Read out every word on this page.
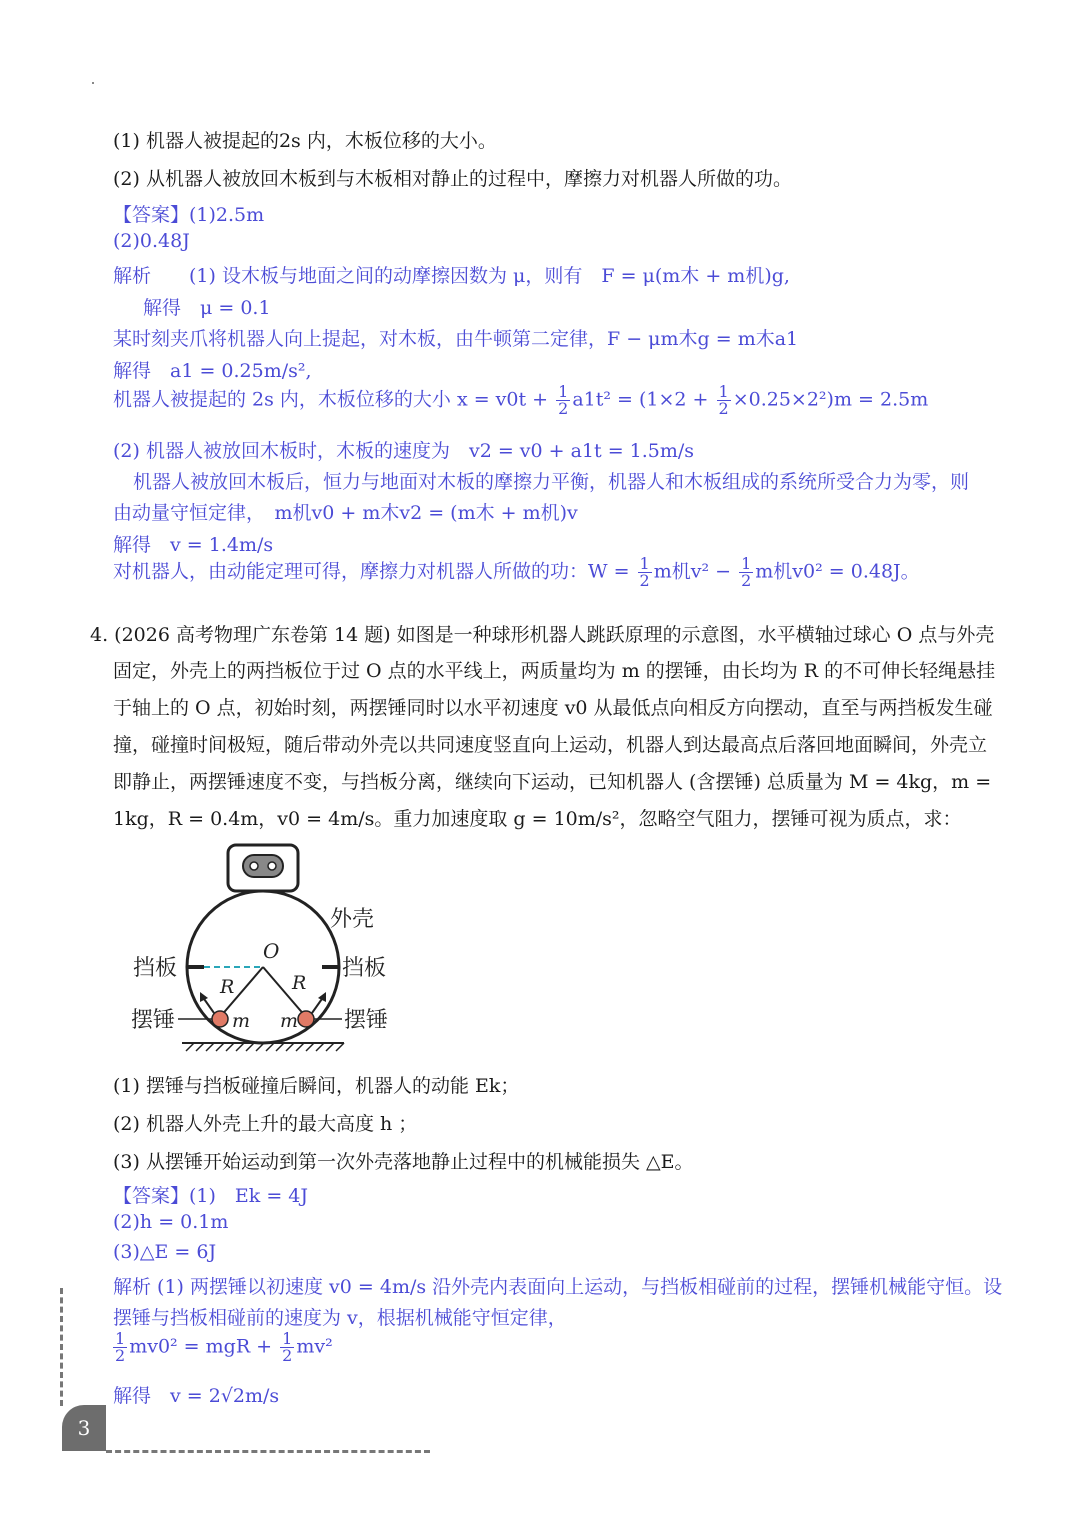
(1) 机器人被提起的2s 内，木板位移的大小。
(2) 从机器人被放回木板到与木板相对静止的过程中，摩擦力对机器人所做的功。
【答案】(1)2.5m
(2)0.48J
解析　　(1) 设木板与地面之间的动摩擦因数为 μ，则有　F = μ(m木 + m机)g,
解得　μ = 0.1
某时刻夹爪将机器人向上提起，对木板，由牛顿第二定律，F − μm木g = m木a1
解得　a1 = 0.25m/s²,
机器人被提起的 2s 内，木板位移的大小 $x = v0t + \frac{1}{2} a1t^2 = (1\times 2 + \frac{1}{2} \times 0.25\times 2^2)m = 2.5m$
(2) 机器人被放回木板时，木板的速度为　v2 = v0 + a1t = 1.5m/s
机器人被放回木板后，恒力与地面对木板的摩擦力平衡，机器人和木板组成的系统所受合力为零，则
由动量守恒定律，　m机v0 + m木v2 = (m木 + m机)v
解得　v = 1.4m/s
对机器人，由动能定理可得，摩擦力对机器人所做的功：$W = \frac{1}{2}$ m机$v^2 - \frac{1}{2}$ m机v0² = 0.48J。
4. (2026 高考物理广东卷第 14 题) 如图是一种球形机器人跳跃原理的示意图，水平横轴过球心 O 点与外壳
固定，外壳上的两挡板位于过 O 点的水平线上，两质量均为 m 的摆锤，由长均为 R 的不可伸长轻绳悬挂
于轴上的 O 点，初始时刻，两摆锤同时以水平初速度 v0 从最低点向相反方向摆动，直至与两挡板发生碰
撞，碰撞时间极短，随后带动外壳以共同速度竖直向上运动，机器人到达最高点后落回地面瞬间，外壳立
即静止，两摆锤速度不变，与挡板分离，继续向下运动，已知机器人 (含摆锤) 总质量为 M = 4kg，m =
1kg，R = 0.4m，v0 = 4m/s。重力加速度取 g = 10m/s²，忽略空气阻力，摆锤可视为质点，求：
外壳
挡板	挡板
摆锤	摆锤
O
R	R
m m
(1) 摆锤与挡板碰撞后瞬间，机器人的动能 Ek；
(2) 机器人外壳上升的最大高度 h ；
(3) 从摆锤开始运动到第一次外壳落地静止过程中的机械能损失 △E。
【答案】(1)　Ek = 4J
(2)h = 0.1m
(3)△E = 6J
解析 (1) 两摆锤以初速度 v0 = 4m/s 沿外壳内表面向上运动，与挡板相碰前的过程，摆锤机械能守恒。设
摆锤与挡板相碰前的速度为 v，根据机械能守恒定律，
$\frac{1}{2} mv0^2$ = mgR + $\frac{1}{2} mv^2$
解得　v = 2√2m/s
3
